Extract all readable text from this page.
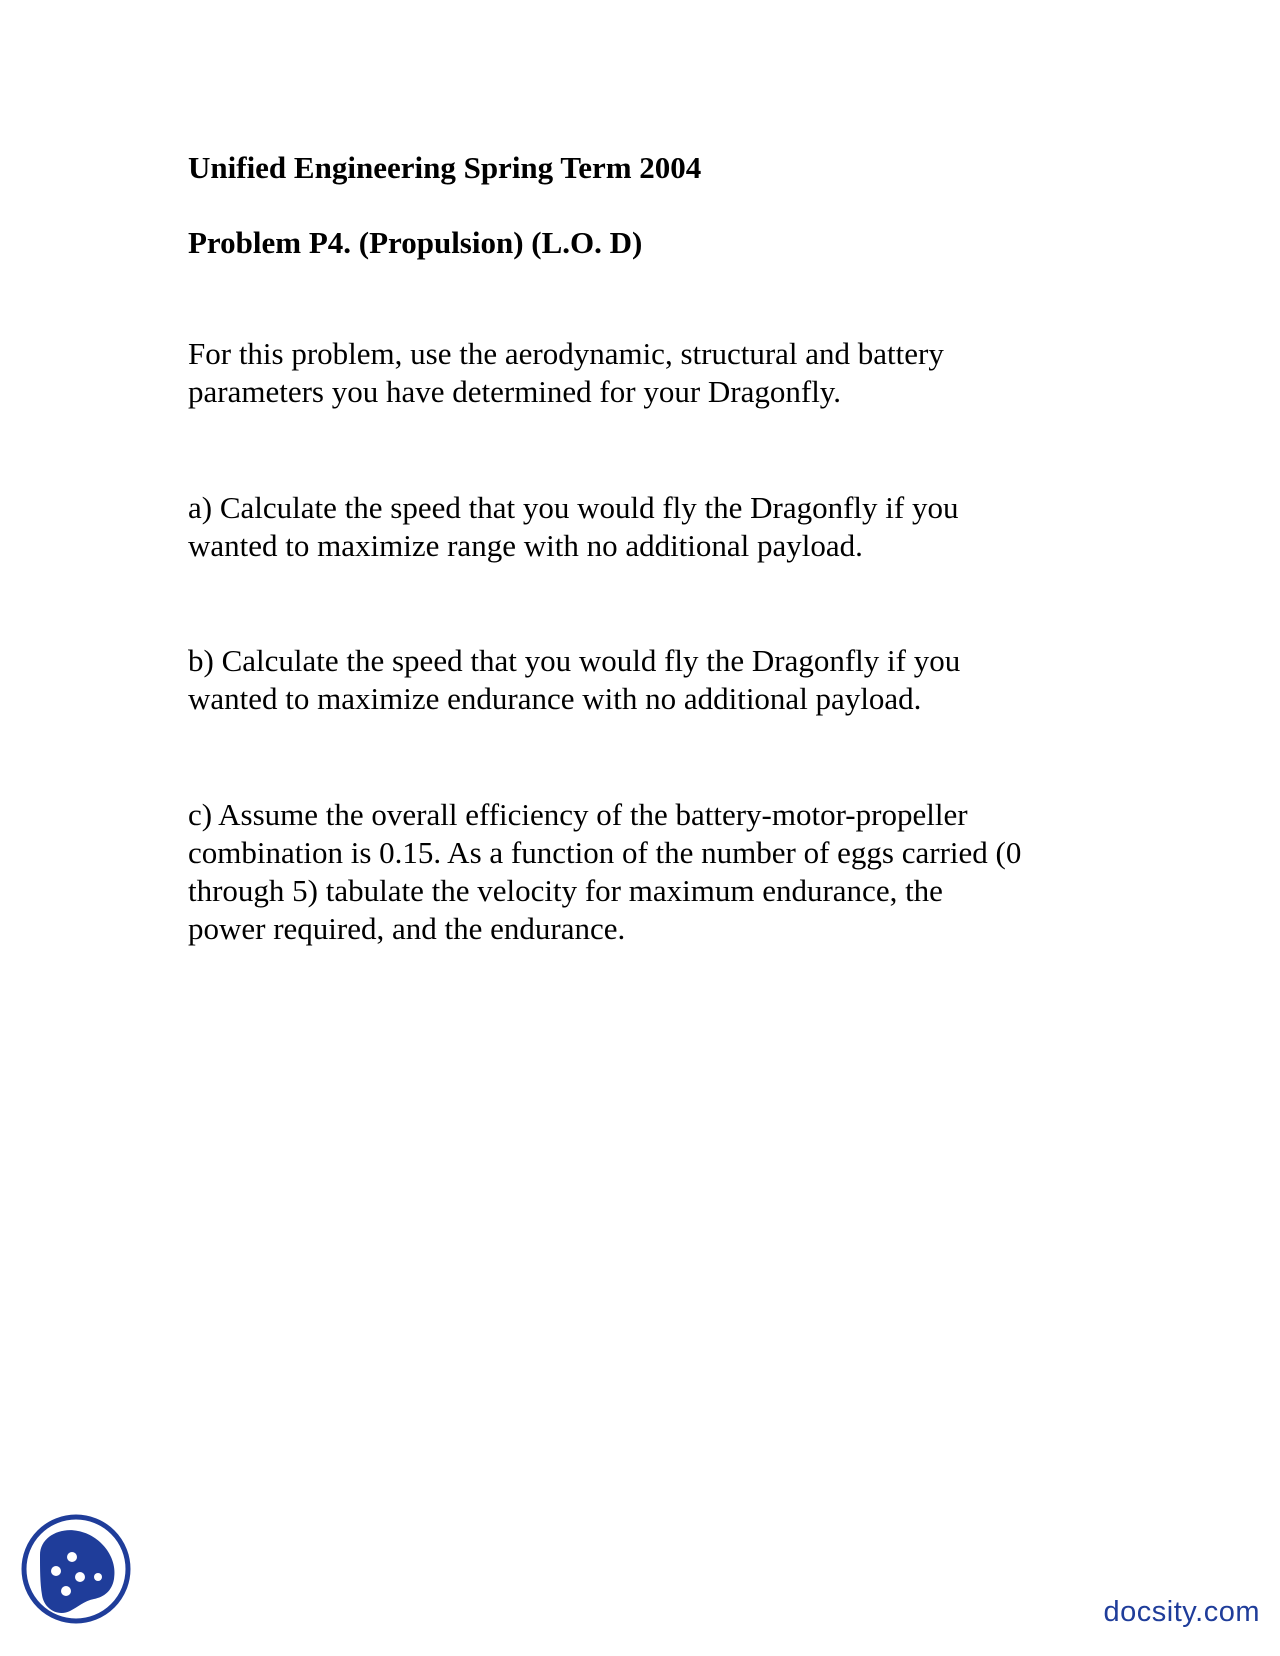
Unified Engineering Spring Term 2004

Problem P4. (Propulsion) (L.O. D)

For this problem, use the aerodynamic, structural and battery
parameters you have determined for your Dragonfly.

a) Calculate the speed that you would fly the Dragonfly if you
wanted to maximize range with no additional payload.

b) Calculate the speed that you would fly the Dragonfly if you
wanted to maximize endurance with no additional payload.

c) Assume the overall efficiency of the battery-motor-propeller
combination is 0.15. As a function of the number of eggs carried (0
through 5) tabulate the velocity for maximum endurance, the
power required, and the endurance.

docsity.com
